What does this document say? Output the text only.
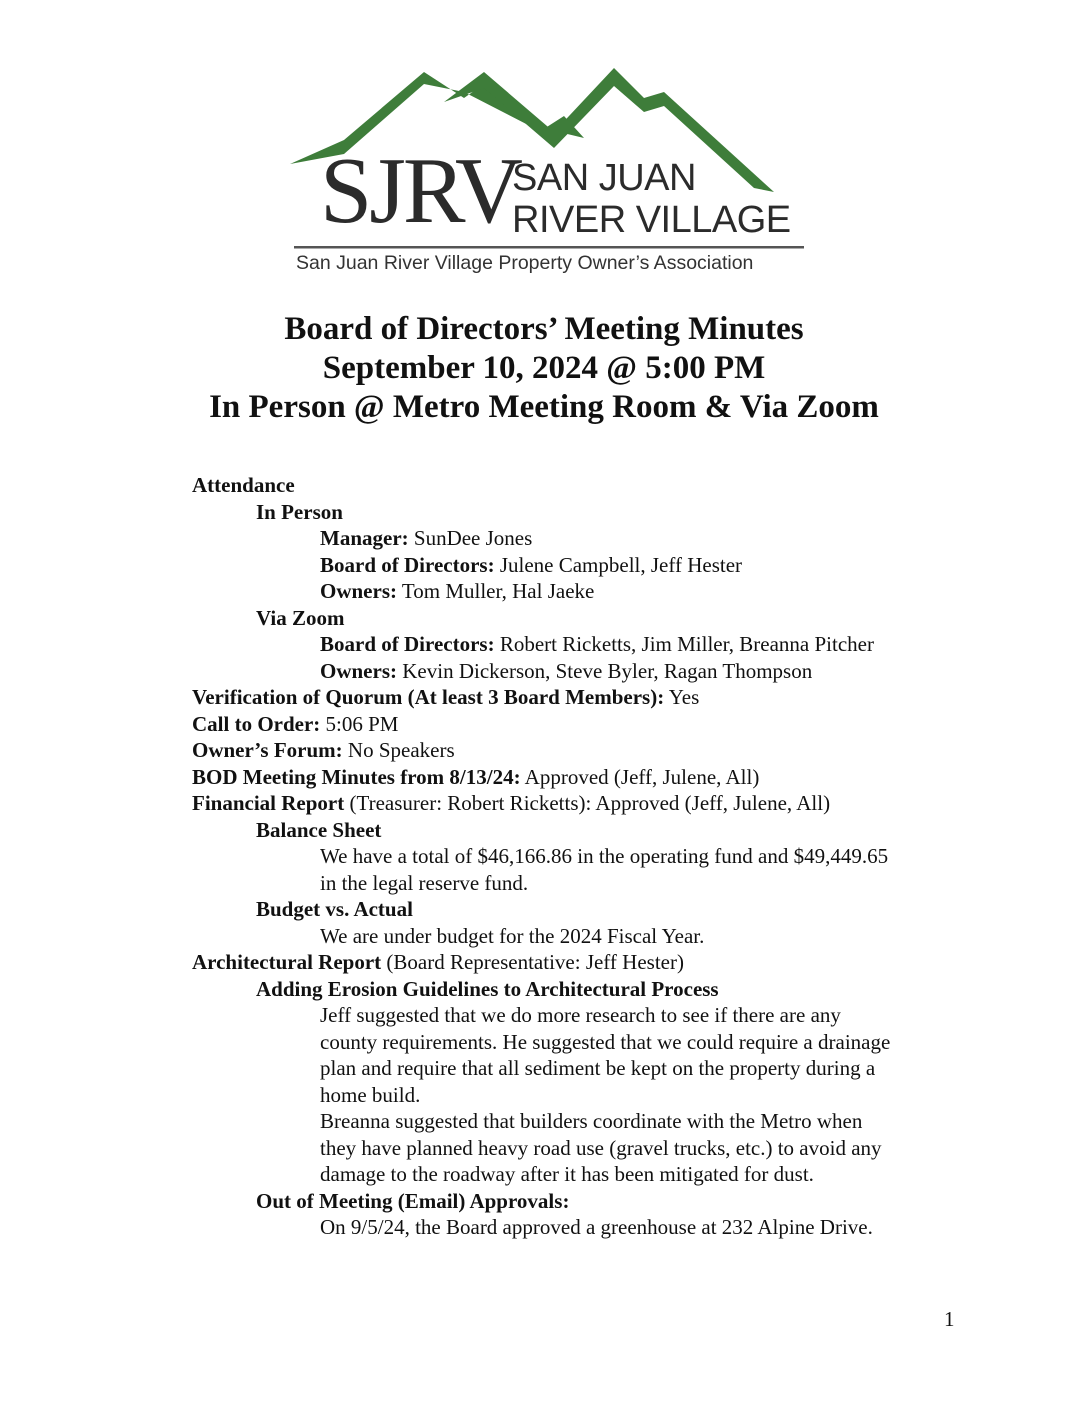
SJRV
SAN JUAN
RIVER VILLAGE
San Juan River Village Property Owner’s Association
Board of Directors’ Meeting Minutes
September 10, 2024 @ 5:00 PM
In Person @ Metro Meeting Room & Via Zoom
Attendance
In Person
Manager: SunDee Jones
Board of Directors: Julene Campbell, Jeff Hester
Owners: Tom Muller, Hal Jaeke
Via Zoom
Board of Directors: Robert Ricketts, Jim Miller, Breanna Pitcher
Owners: Kevin Dickerson, Steve Byler, Ragan Thompson
Verification of Quorum (At least 3 Board Members): Yes
Call to Order: 5:06 PM
Owner’s Forum: No Speakers
BOD Meeting Minutes from 8/13/24: Approved (Jeff, Julene, All)
Financial Report (Treasurer: Robert Ricketts): Approved (Jeff, Julene, All)
Balance Sheet
We have a total of $46,166.86 in the operating fund and $49,449.65
in the legal reserve fund.
Budget vs. Actual
We are under budget for the 2024 Fiscal Year.
Architectural Report (Board Representative: Jeff Hester)
Adding Erosion Guidelines to Architectural Process
Jeff suggested that we do more research to see if there are any
county requirements. He suggested that we could require a drainage
plan and require that all sediment be kept on the property during a
home build.
Breanna suggested that builders coordinate with the Metro when
they have planned heavy road use (gravel trucks, etc.) to avoid any
damage to the roadway after it has been mitigated for dust.
Out of Meeting (Email) Approvals:
On 9/5/24, the Board approved a greenhouse at 232 Alpine Drive.
1
